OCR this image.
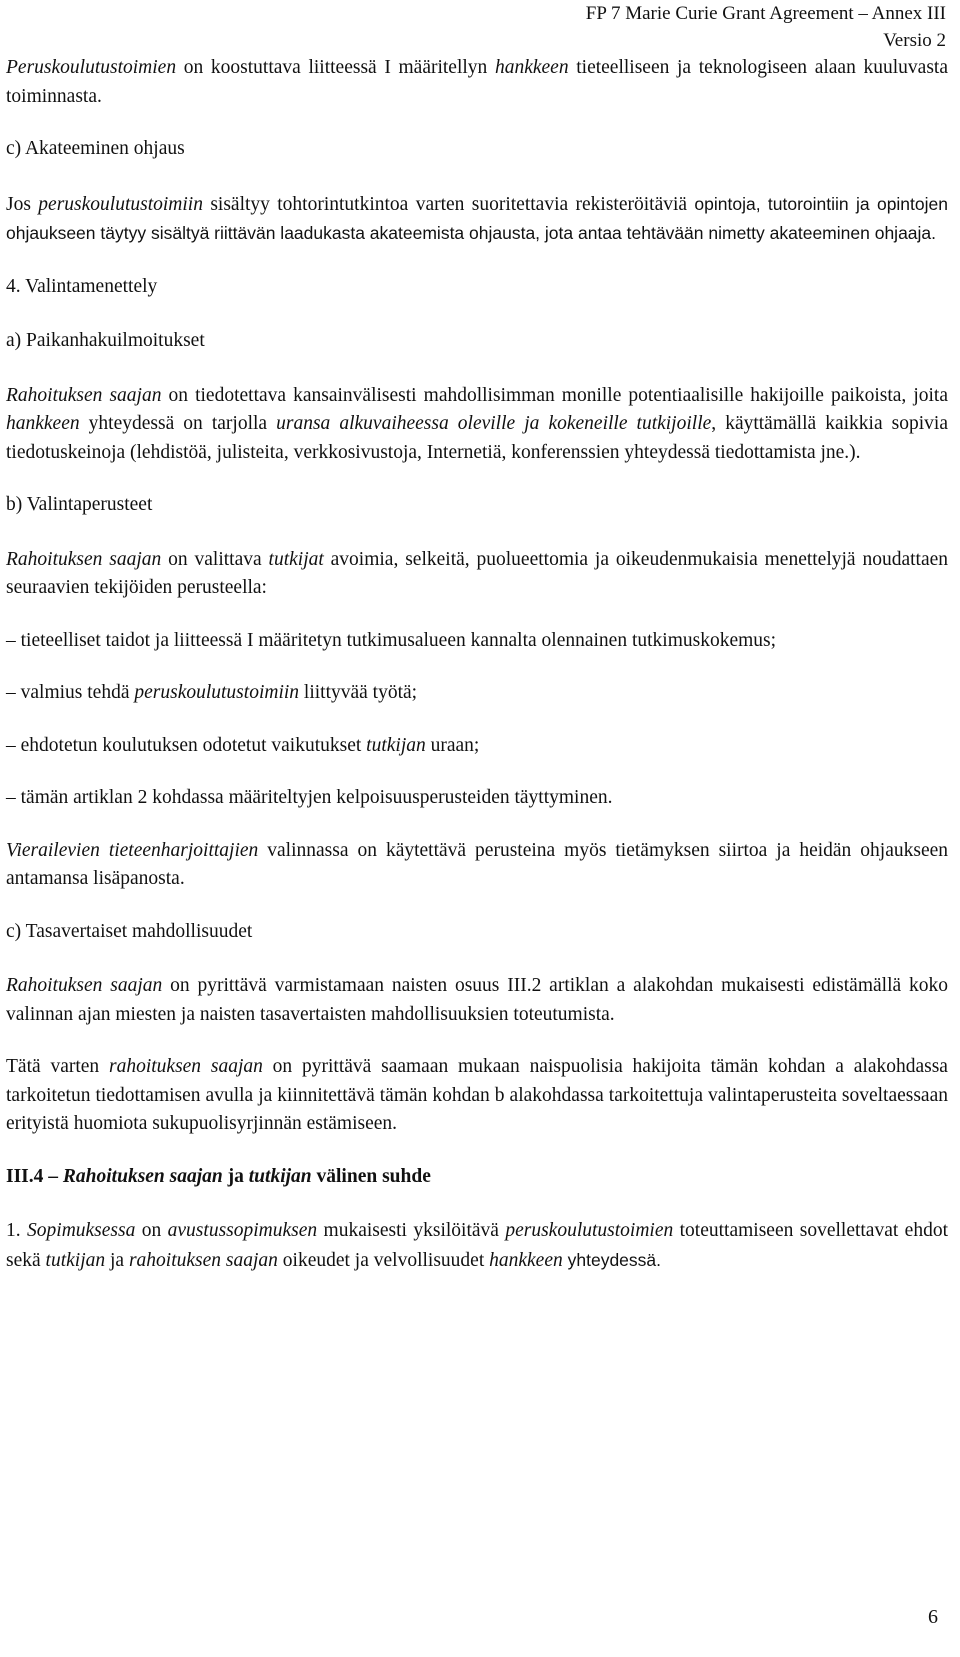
FP 7 Marie Curie Grant Agreement – Annex III
Versio 2

Peruskoulutustoimien on koostuttava liitteessä I määritellyn hankkeen tieteelliseen ja teknologiseen alaan kuuluvasta toiminnasta.

c) Akateeminen ohjaus

Jos peruskoulutustoimiin sisältyy tohtorintutkintoa varten suoritettavia rekisteröitäviä opintoja, tutorointiin ja opintojen ohjaukseen täytyy sisältyä riittävän laadukasta akateemista ohjausta, jota antaa tehtävään nimetty akateeminen ohjaaja.

4. Valintamenettely

a) Paikanhakuilmoitukset

Rahoituksen saajan on tiedotettava kansainvälisesti mahdollisimman monille potentiaalisille hakijoille paikoista, joita hankkeen yhteydessä on tarjolla uransa alkuvaiheessa oleville ja kokeneille tutkijoille, käyttämällä kaikkia sopivia tiedotuskeinoja (lehdistöä, julisteita, verkkosivustoja, Internetiä, konferenssien yhteydessä tiedottamista jne.).

b) Valintaperusteet

Rahoituksen saajan on valittava tutkijat avoimia, selkeitä, puolueettomia ja oikeudenmukaisia menettelyjä noudattaen seuraavien tekijöiden perusteella:

– tieteelliset taidot ja liitteessä I määritetyn tutkimusalueen kannalta olennainen tutkimuskokemus;

– valmius tehdä peruskoulutustoimiin liittyvää työtä;

– ehdotetun koulutuksen odotetut vaikutukset tutkijan uraan;

– tämän artiklan 2 kohdassa määriteltyjen kelpoisuusperusteiden täyttyminen.

Vierailevien tieteenharjoittajien valinnassa on käytettävä perusteina myös tietämyksen siirtoa ja heidän ohjaukseen antamansa lisäpanosta.

c) Tasavertaiset mahdollisuudet

Rahoituksen saajan on pyrittävä varmistamaan naisten osuus III.2 artiklan a alakohdan mukaisesti edistämällä koko valinnan ajan miesten ja naisten tasavertaisten mahdollisuuksien toteutumista.

Tätä varten rahoituksen saajan on pyrittävä saamaan mukaan naispuolisia hakijoita tämän kohdan a alakohdassa tarkoitetun tiedottamisen avulla ja kiinnitettävä tämän kohdan b alakohdassa tarkoitettuja valintaperusteita soveltaessaan erityistä huomiota sukupuolisyrjinnän estämiseen.

III.4 – Rahoituksen saajan ja tutkijan välinen suhde

1. Sopimuksessa on avustussopimuksen mukaisesti yksilöitävä peruskoulutustoimien toteuttamiseen sovellettavat ehdot sekä tutkijan ja rahoituksen saajan oikeudet ja velvollisuudet hankkeen yhteydessä.

6
